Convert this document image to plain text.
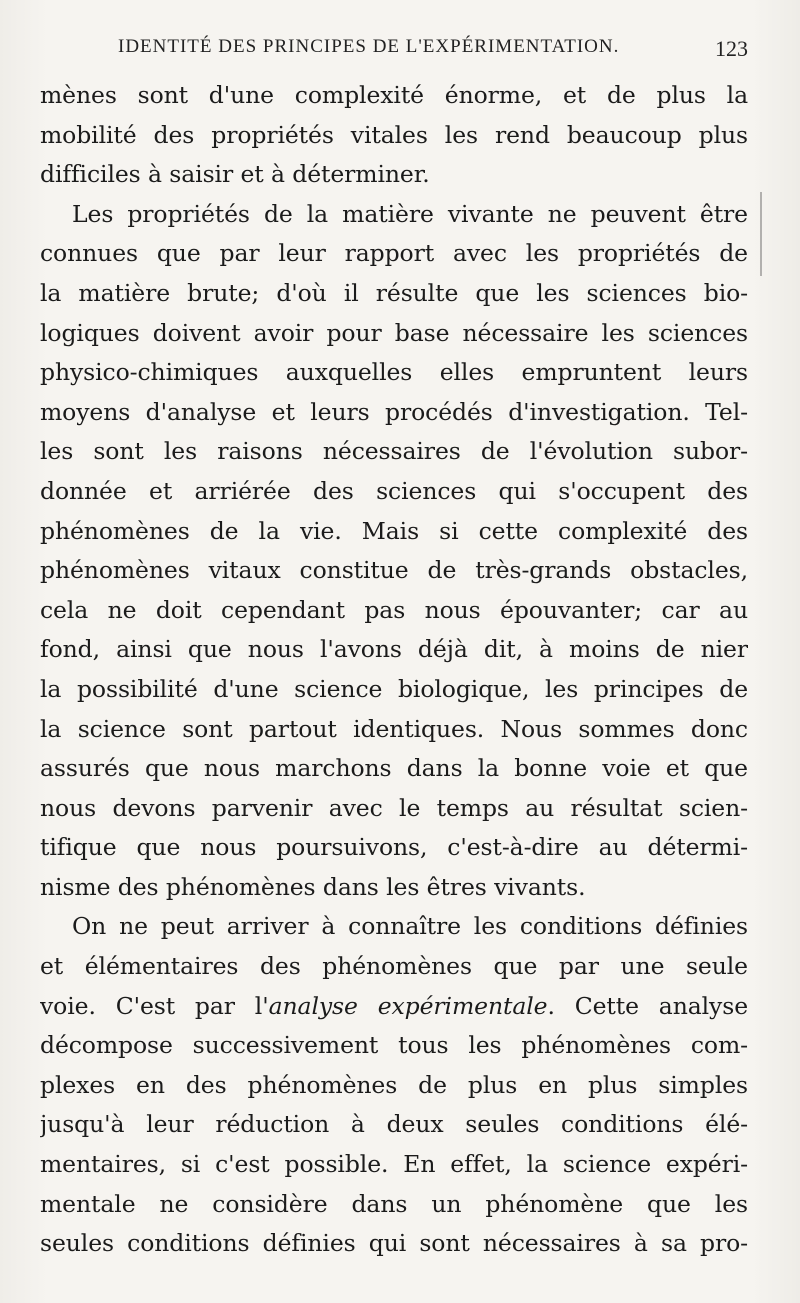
IDENTITÉ DES PRINCIPES DE L'EXPÉRIMENTATION.	123
mènes sont d'une complexité énorme, et de plus la
mobilité des propriétés vitales les rend beaucoup plus
difficiles à saisir et à déterminer.
Les propriétés de la matière vivante ne peuvent être
connues que par leur rapport avec les propriétés de
la matière brute; d'où il résulte que les sciences bio-
logiques doivent avoir pour base nécessaire les sciences
physico-chimiques auxquelles elles empruntent leurs
moyens d'analyse et leurs procédés d'investigation. Tel-
les sont les raisons nécessaires de l'évolution subor-
donnée et arriérée des sciences qui s'occupent des
phénomènes de la vie. Mais si cette complexité des
phénomènes vitaux constitue de très-grands obstacles,
cela ne doit cependant pas nous épouvanter; car au
fond, ainsi que nous l'avons déjà dit, à moins de nier
la possibilité d'une science biologique, les principes de
la science sont partout identiques. Nous sommes donc
assurés que nous marchons dans la bonne voie et que
nous devons parvenir avec le temps au résultat scien-
tifique que nous poursuivons, c'est-à-dire au détermi-
nisme des phénomènes dans les êtres vivants.
On ne peut arriver à connaître les conditions définies
et élémentaires des phénomènes que par une seule
voie. C'est par l'analyse expérimentale. Cette analyse
décompose successivement tous les phénomènes com-
plexes en des phénomènes de plus en plus simples
jusqu'à leur réduction à deux seules conditions élé-
mentaires, si c'est possible. En effet, la science expéri-
mentale ne considère dans un phénomène que les
seules conditions définies qui sont nécessaires à sa pro-
